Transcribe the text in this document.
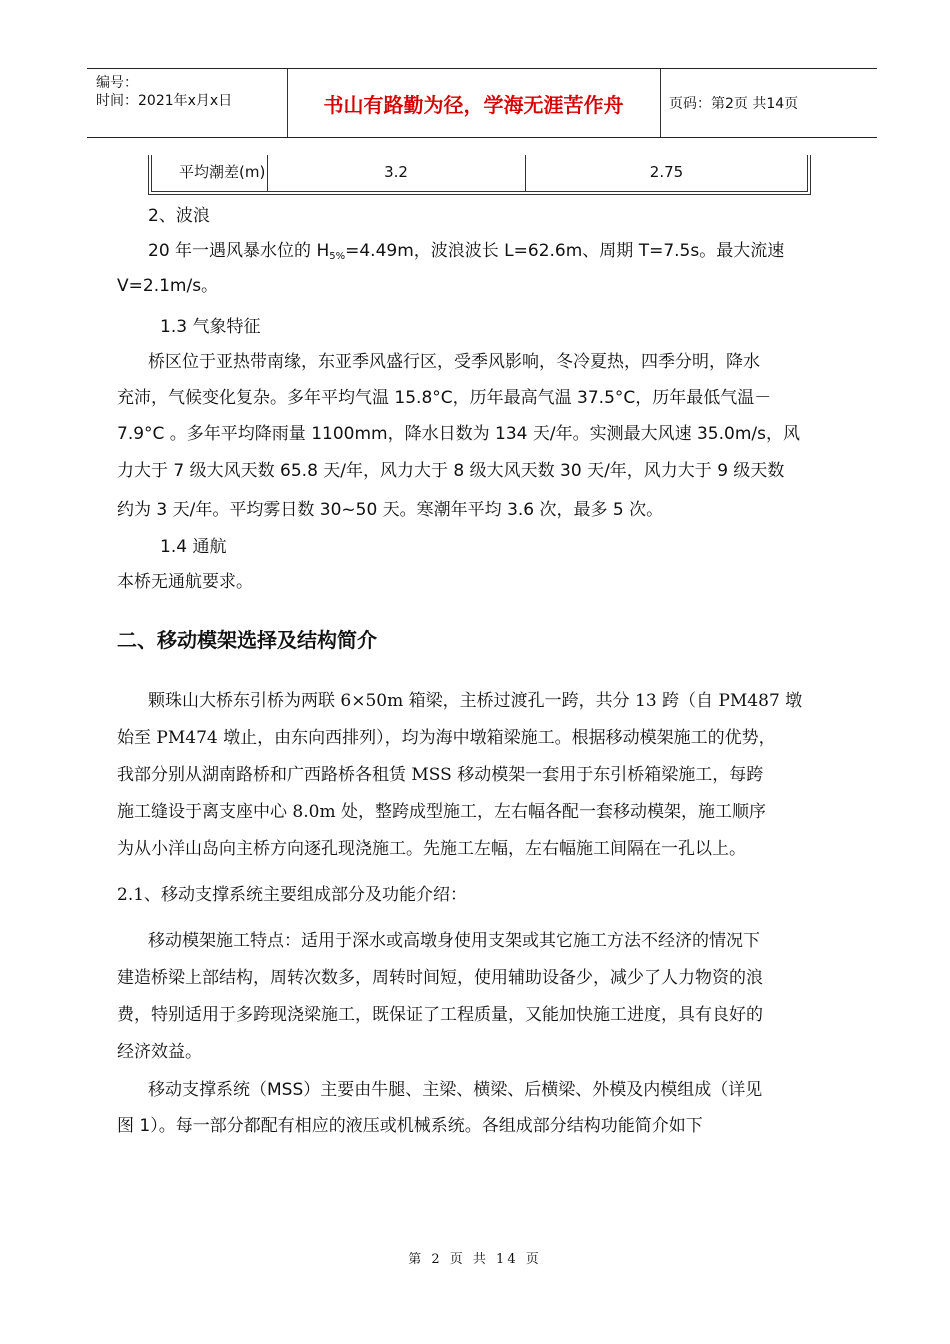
编号：
时间：2021年x月x日	书山有路勤为径，学海无涯苦作舟	页码：第2页 共14页
平均潮差(m)	3.2	2.75
2、波浪
20 年一遇风暴水位的 $H_{5\%}=4.49m$，波浪波长 L=62.6m、周期 T=7.5s。最大流速
V=2.1m/s。
1.3 气象特征
桥区位于亚热带南缘，东亚季风盛行区，受季风影响，冬冷夏热，四季分明，降水
充沛，气候变化复杂。多年平均气温 15.8°C，历年最高气温 37.5°C，历年最低气温－
7.9°C 。多年平均降雨量 1100mm，降水日数为 134 天/年。实测最大风速 35.0m/s，风
力大于 7 级大风天数 65.8 天/年，风力大于 8 级大风天数 30 天/年，风力大于 9 级天数
约为 3 天/年。平均雾日数 30~50 天。寒潮年平均 3.6 次，最多 5 次。
1.4 通航
本桥无通航要求。
二、移动模架选择及结构简介
颗珠山大桥东引桥为两联 6×50m 箱梁，主桥过渡孔一跨，共分 13 跨（自 PM487 墩
始至 PM474 墩止，由东向西排列），均为海中墩箱梁施工。根据移动模架施工的优势，
我部分别从湖南路桥和广西路桥各租赁 MSS 移动模架一套用于东引桥箱梁施工，每跨
施工缝设于离支座中心 8.0m 处，整跨成型施工，左右幅各配一套移动模架，施工顺序
为从小洋山岛向主桥方向逐孔现浇施工。先施工左幅，左右幅施工间隔在一孔以上。
2.1、移动支撑系统主要组成部分及功能介绍：
移动模架施工特点：适用于深水或高墩身使用支架或其它施工方法不经济的情况下
建造桥梁上部结构，周转次数多，周转时间短，使用辅助设备少，减少了人力物资的浪
费，特别适用于多跨现浇梁施工，既保证了工程质量，又能加快施工进度，具有良好的
经济效益。
移动支撑系统（MSS）主要由牛腿、主梁、横梁、后横梁、外模及内模组成（详见
图 1）。每一部分都配有相应的液压或机械系统。各组成部分结构功能简介如下
第 2 页 共 14 页
